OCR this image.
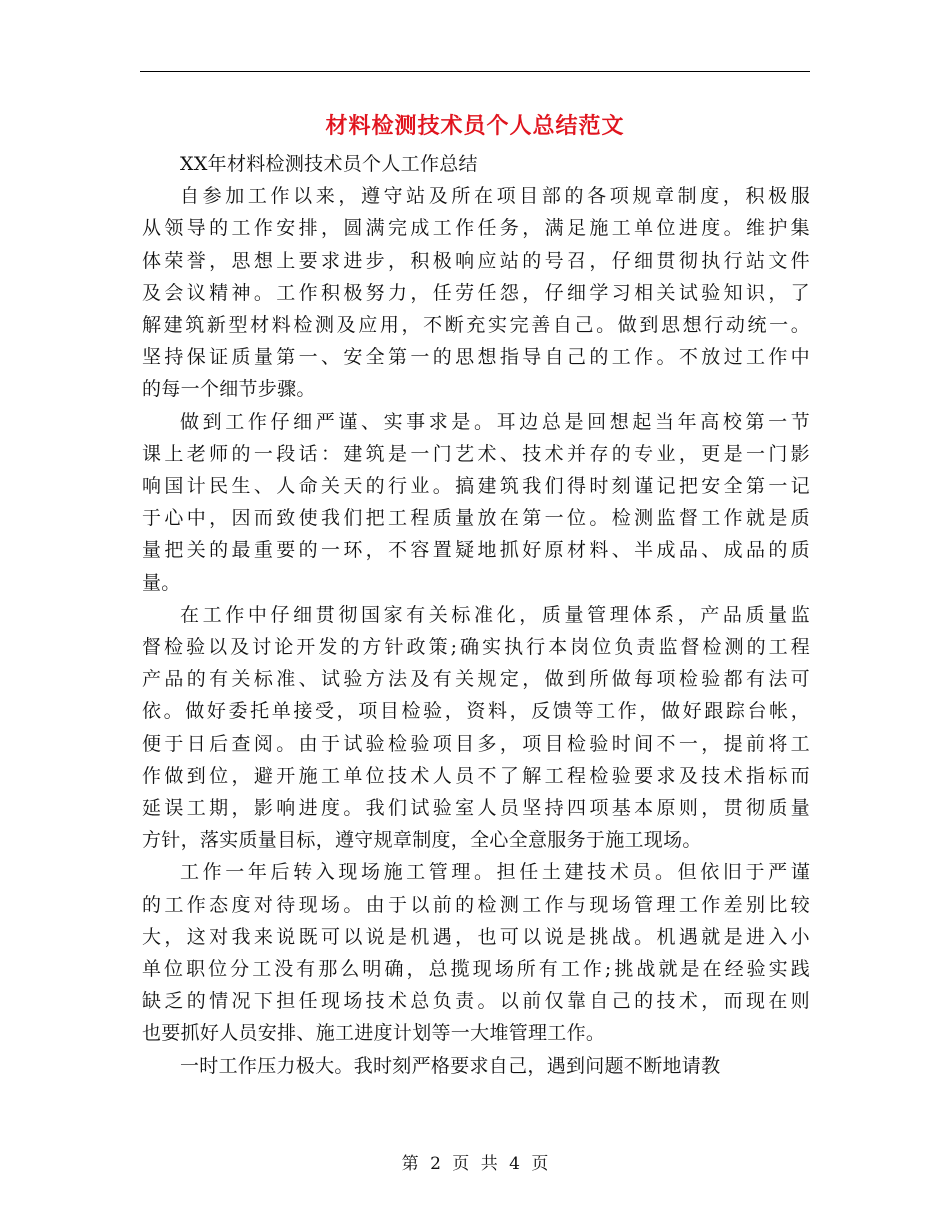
材料检测技术员个人总结范文

XX年材料检测技术员个人工作总结

自参加工作以来，遵守站及所在项目部的各项规章制度，积极服
从领导的工作安排，圆满完成工作任务，满足施工单位进度。维护集
体荣誉，思想上要求进步，积极响应站的号召，仔细贯彻执行站文件
及会议精神。工作积极努力，任劳任怨，仔细学习相关试验知识，了
解建筑新型材料检测及应用，不断充实完善自己。做到思想行动统一。
坚持保证质量第一、安全第一的思想指导自己的工作。不放过工作中
的每一个细节步骤。

做到工作仔细严谨、实事求是。耳边总是回想起当年高校第一节
课上老师的一段话：建筑是一门艺术、技术并存的专业，更是一门影
响国计民生、人命关天的行业。搞建筑我们得时刻谨记把安全第一记
于心中，因而致使我们把工程质量放在第一位。检测监督工作就是质
量把关的最重要的一环，不容置疑地抓好原材料、半成品、成品的质
量。

在工作中仔细贯彻国家有关标准化，质量管理体系，产品质量监
督检验以及讨论开发的方针政策;确实执行本岗位负责监督检测的工程
产品的有关标准、试验方法及有关规定，做到所做每项检验都有法可
依。做好委托单接受，项目检验，资料，反馈等工作，做好跟踪台帐，
便于日后查阅。由于试验检验项目多，项目检验时间不一，提前将工
作做到位，避开施工单位技术人员不了解工程检验要求及技术指标而
延误工期，影响进度。我们试验室人员坚持四项基本原则，贯彻质量
方针，落实质量目标，遵守规章制度，全心全意服务于施工现场。

工作一年后转入现场施工管理。担任土建技术员。但依旧于严谨
的工作态度对待现场。由于以前的检测工作与现场管理工作差别比较
大，这对我来说既可以说是机遇，也可以说是挑战。机遇就是进入小
单位职位分工没有那么明确，总揽现场所有工作;挑战就是在经验实践
缺乏的情况下担任现场技术总负责。以前仅靠自己的技术，而现在则
也要抓好人员安排、施工进度计划等一大堆管理工作。

一时工作压力极大。我时刻严格要求自己，遇到问题不断地请教

第 2 页 共 4 页
